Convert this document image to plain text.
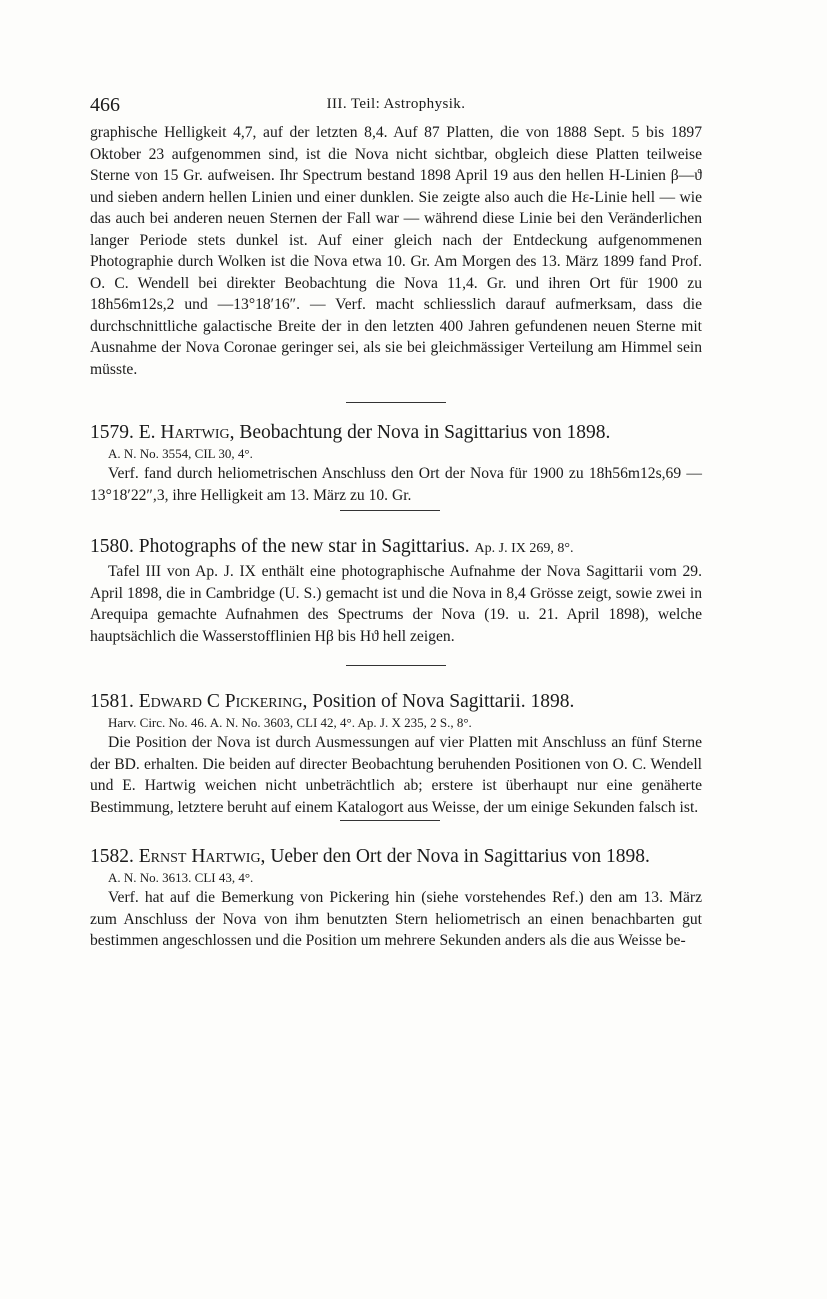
466	III. Teil: Astrophysik.

graphische Helligkeit 4,7, auf der letzten 8,4. Auf 87 Platten, die von 1888 Sept. 5 bis 1897 Oktober 23 aufgenommen sind, ist die Nova nicht sichtbar, obgleich diese Platten teilweise Sterne von 15 Gr. aufweisen. Ihr Spectrum bestand 1898 April 19 aus den hellen H-Linien β—ϑ und sieben andern hellen Linien und einer dunklen. Sie zeigte also auch die Hε-Linie hell — wie das auch bei anderen neuen Sternen der Fall war — während diese Linie bei den Veränderlichen langer Periode stets dunkel ist. Auf einer gleich nach der Entdeckung aufgenommenen Photographie durch Wolken ist die Nova etwa 10. Gr. Am Morgen des 13. März 1899 fand Prof. O. C. Wendell bei direkter Beobachtung die Nova 11,4. Gr. und ihren Ort für 1900 zu 18h56m12s,2 und —13°18′16″. — Verf. macht schliesslich darauf aufmerksam, dass die durchschnittliche galactische Breite der in den letzten 400 Jahren gefundenen neuen Sterne mit Ausnahme der Nova Coronae geringer sei, als sie bei gleichmässiger Verteilung am Himmel sein müsste.

1579. E. Hartwig, Beobachtung der Nova in Sagittarius von 1898.

A. N. No. 3554, CIL 30, 4°.

Verf. fand durch heliometrischen Anschluss den Ort der Nova für 1900 zu 18h56m12s,69 —13°18′22″,3, ihre Helligkeit am 13. März zu 10. Gr.

1580. Photographs of the new star in Sagittarius. Ap. J. IX 269, 8°.

Tafel III von Ap. J. IX enthält eine photographische Aufnahme der Nova Sagittarii vom 29. April 1898, die in Cambridge (U. S.) gemacht ist und die Nova in 8,4 Grösse zeigt, sowie zwei in Arequipa gemachte Aufnahmen des Spectrums der Nova (19. u. 21. April 1898), welche hauptsächlich die Wasserstofflinien Hβ bis Hϑ hell zeigen.

1581. Edward C Pickering, Position of Nova Sagittarii. 1898.

Harv. Circ. No. 46. A. N. No. 3603, CLI 42, 4°. Ap. J. X 235, 2 S., 8°.

Die Position der Nova ist durch Ausmessungen auf vier Platten mit Anschluss an fünf Sterne der BD. erhalten. Die beiden auf directer Beobachtung beruhenden Positionen von O. C. Wendell und E. Hartwig weichen nicht unbeträchtlich ab; erstere ist überhaupt nur eine genäherte Bestimmung, letztere beruht auf einem Katalogort aus Weisse, der um einige Sekunden falsch ist.

1582. Ernst Hartwig, Ueber den Ort der Nova in Sagittarius von 1898.

A. N. No. 3613. CLI 43, 4°.

Verf. hat auf die Bemerkung von Pickering hin (siehe vorstehendes Ref.) den am 13. März zum Anschluss der Nova von ihm benutzten Stern heliometrisch an einen benachbarten gut bestimmen angeschlossen und die Position um mehrere Sekunden anders als die aus Weisse be-
